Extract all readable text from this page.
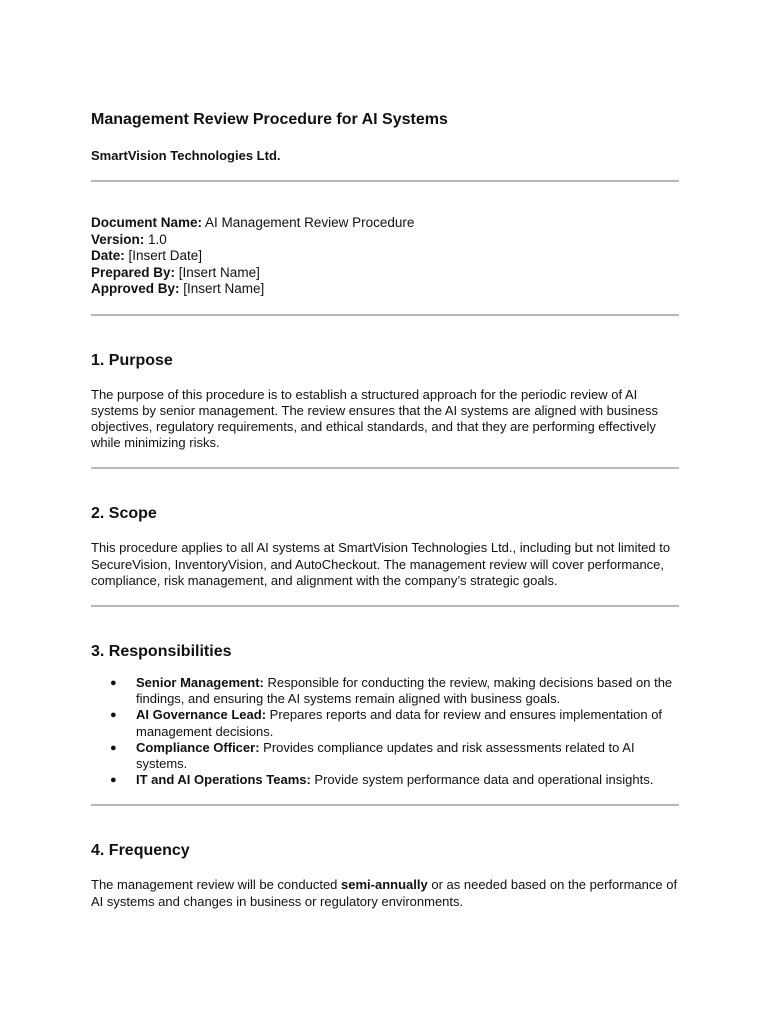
Management Review Procedure for AI Systems
SmartVision Technologies Ltd.
Document Name: AI Management Review Procedure
Version: 1.0
Date: [Insert Date]
Prepared By: [Insert Name]
Approved By: [Insert Name]
1. Purpose

The purpose of this procedure is to establish a structured approach for the periodic review of AI systems by senior management. The review ensures that the AI systems are aligned with business objectives, regulatory requirements, and ethical standards, and that they are performing effectively while minimizing risks.

2. Scope

This procedure applies to all AI systems at SmartVision Technologies Ltd., including but not limited to SecureVision, InventoryVision, and AutoCheckout. The management review will cover performance, compliance, risk management, and alignment with the company’s strategic goals.

3. Responsibilities
● Senior Management: Responsible for conducting the review, making decisions based on the findings, and ensuring the AI systems remain aligned with business goals.
● AI Governance Lead: Prepares reports and data for review and ensures implementation of management decisions.
● Compliance Officer: Provides compliance updates and risk assessments related to AI systems.
● IT and AI Operations Teams: Provide system performance data and operational insights.
4. Frequency

The management review will be conducted semi-annually or as needed based on the performance of AI systems and changes in business or regulatory environments.
